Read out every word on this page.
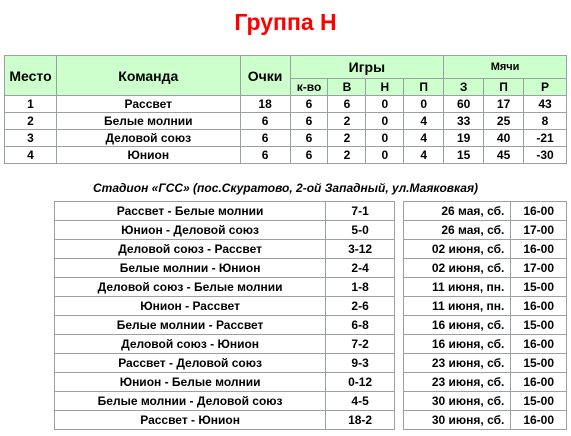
Группа Н
Место	Команда	Очки	Игры				Мячи		
			к-во	В	Н	П	З	П	Р
1	Рассвет	18	6	6	0	0	60	17	43
2	Белые молнии	6	6	2	0	4	33	25	8
3	Деловой союз	6	6	2	0	4	19	40	-21
4	Юнион	6	6	2	0	4	15	45	-30
Стадион «ГСС» (пос.Скуратово, 2-ой Западный, ул.Маяковкая)
Рассвет - Белые молнии	7-1
Юнион - Деловой союз	5-0
Деловой союз - Рассвет	3-12
Белые молнии - Юнион	2-4
Деловой союз - Белые молнии	1-8
Юнион - Рассвет	2-6
Белые молнии - Рассвет	6-8
Деловой союз - Юнион	7-2
Рассвет - Деловой союз	9-3
Юнион - Белые молнии	0-12
Белые молнии - Деловой союз	4-5
Рассвет - Юнион	18-2
26 мая, сб.	16-00
26 мая, сб.	17-00
02 июня, сб.	16-00
02 июня, сб.	17-00
11 июня, пн.	15-00
11 июня, пн.	16-00
16 июня, сб.	15-00
16 июня, сб.	16-00
23 июня, сб.	15-00
23 июня, сб.	16-00
30 июня, сб.	15-00
30 июня, сб.	16-00
